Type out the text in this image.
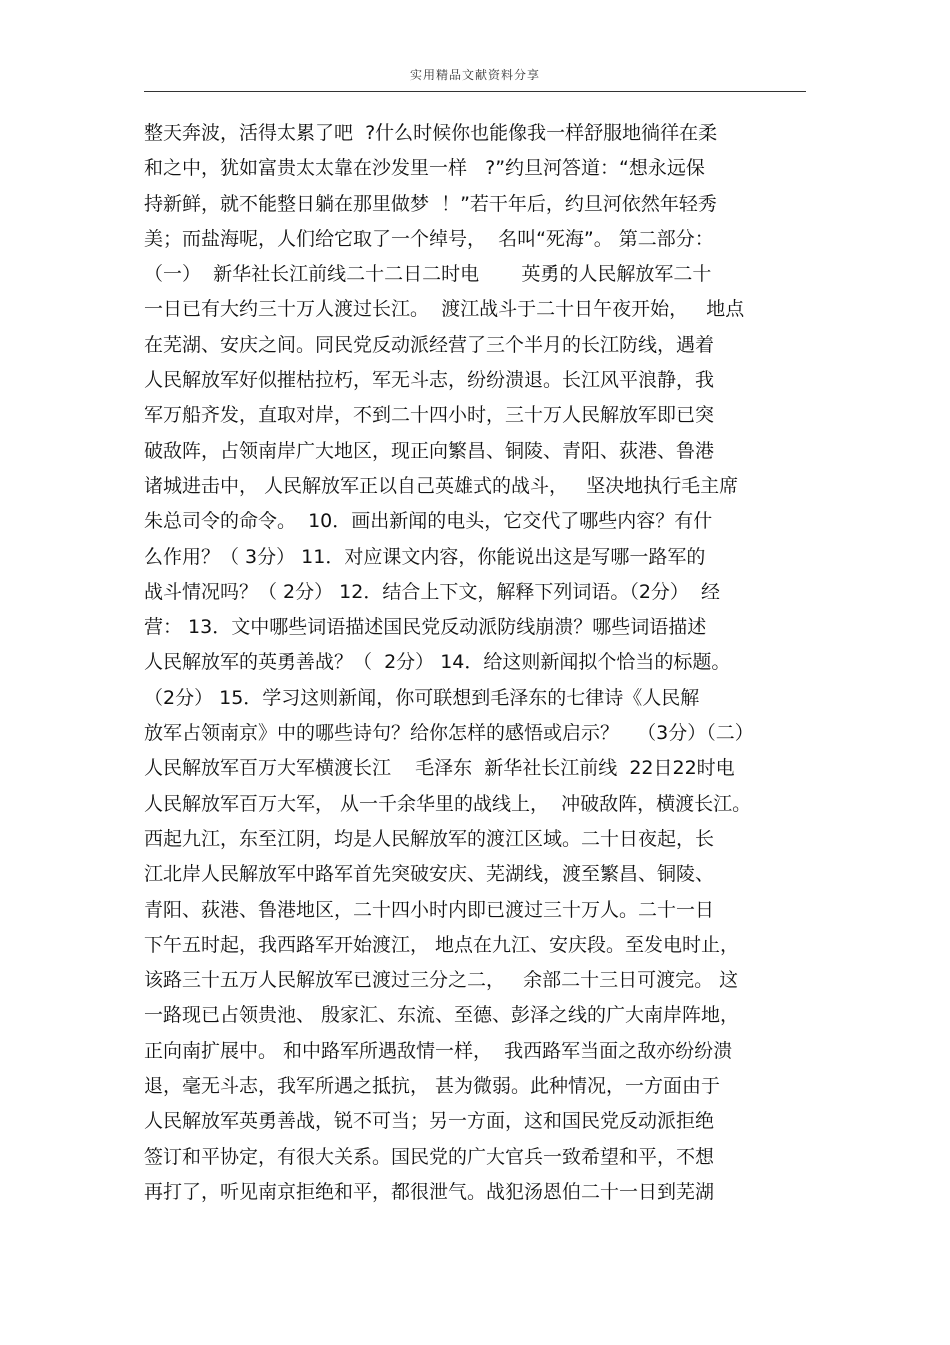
实用精品文献资料分享
整天奔波，活得太累了吧  ?什么时候你也能像我一样舒服地徜徉在柔
和之中，犹如富贵太太靠在沙发里一样   ?”约旦河答道：“想永远保
持新鲜，就不能整日躺在那里做梦  ！”若干年后，约旦河依然年轻秀
美；而盐海呢，人们给它取了一个绰号，  名叫“死海”。 第二部分：
（一）  新华社长江前线二十二日二时电       英勇的人民解放军二十
一日已有大约三十万人渡过长江。  渡江战斗于二十日午夜开始，   地点
在芜湖、安庆之间。同民党反动派经营了三个半月的长江防线，遇着
人民解放军好似摧枯拉朽，军无斗志，纷纷溃退。长江风平浪静，我
军万船齐发，直取对岸，不到二十四小时，三十万人民解放军即已突
破敌阵，占领南岸广大地区，现正向繁昌、铜陵、青阳、荻港、鲁港
诸城进击中， 人民解放军正以自己英雄式的战斗，   坚决地执行毛主席
朱总司令的命令。  10．画出新闻的电头，它交代了哪些内容？有什
么作用？（ 3分） 11．对应课文内容，你能说出这是写哪一路军的
战斗情况吗？（ 2分） 12．结合上下文，解释下列词语。（2分）  经
营： 13．文中哪些词语描述国民党反动派防线崩溃？哪些词语描述
人民解放军的英勇善战？（  2分） 14．给这则新闻拟个恰当的标题。
（2分） 15．学习这则新闻，你可联想到毛泽东的七律诗《人民解
放军占领南京》中的哪些诗句？给你怎样的感悟或启示？   （3分）（二）
人民解放军百万大军横渡长江    毛泽东  新华社长江前线  22日22时电
人民解放军百万大军， 从一千余华里的战线上，  冲破敌阵，横渡长江。
西起九江，东至江阴，均是人民解放军的渡江区域。二十日夜起，长
江北岸人民解放军中路军首先突破安庆、芜湖线，渡至繁昌、铜陵、
青阳、荻港、鲁港地区，二十四小时内即已渡过三十万人。二十一日
下午五时起，我西路军开始渡江， 地点在九江、安庆段。至发电时止，
该路三十五万人民解放军已渡过三分之二，   余部二十三日可渡完。 这
一路现已占领贵池、 殷家汇、东流、至德、彭泽之线的广大南岸阵地，
正向南扩展中。 和中路军所遇敌情一样，  我西路军当面之敌亦纷纷溃
退，毫无斗志，我军所遇之抵抗， 甚为微弱。此种情况，一方面由于
人民解放军英勇善战，锐不可当；另一方面，这和国民党反动派拒绝
签订和平协定，有很大关系。国民党的广大官兵一致希望和平，不想
再打了，听见南京拒绝和平，都很泄气。战犯汤恩伯二十一日到芜湖
